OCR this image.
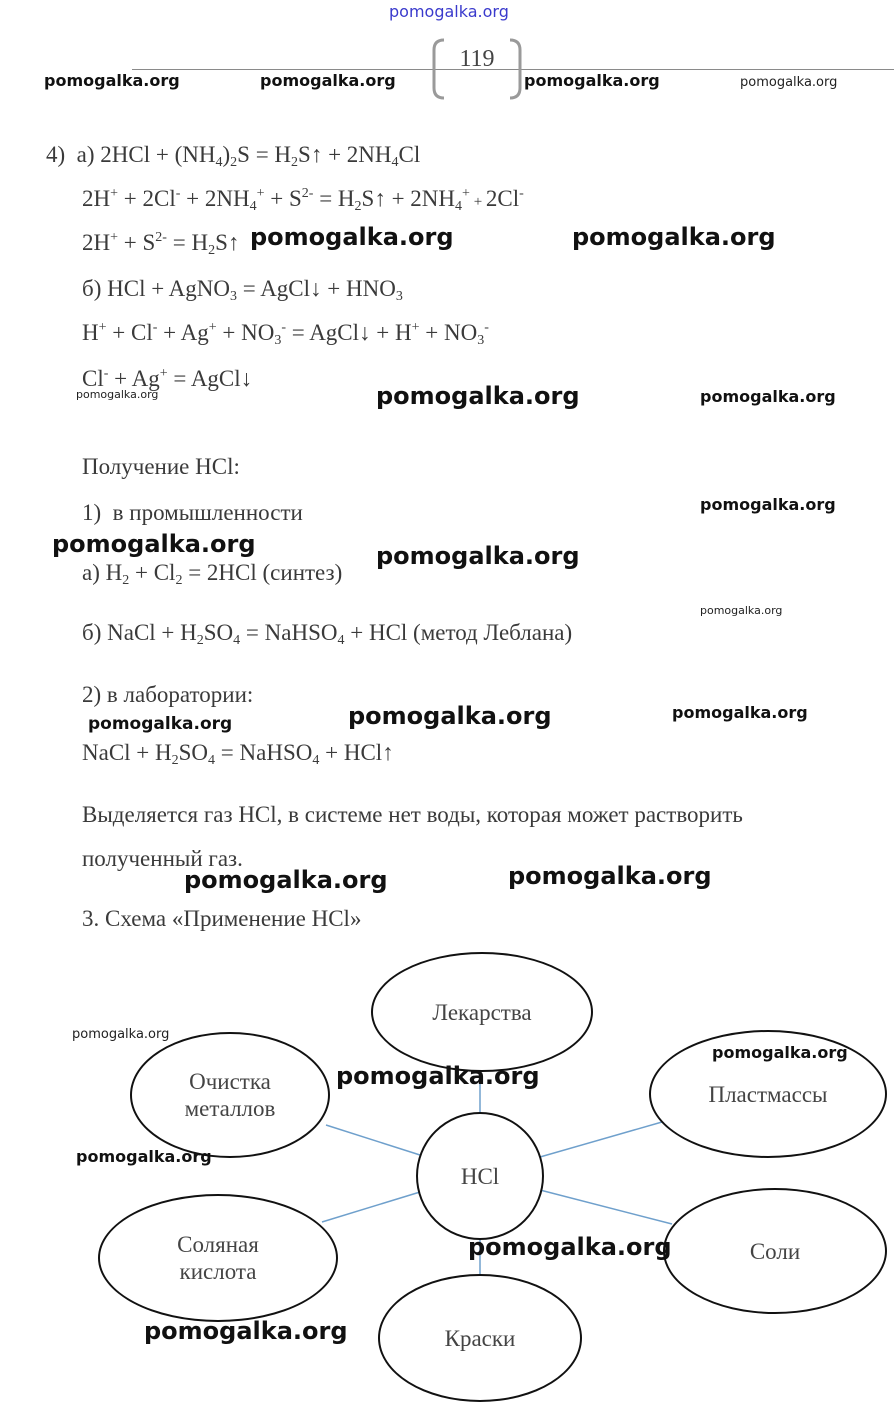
pomogalka.org
119
pomogalka.org	pomogalka.org	pomogalka.org	pomogalka.org
4) а) $2HCl + (NH_4)_2S$ = $H_2S↑ + 2NH_4Cl$
$2H^+ + 2Cl^- + 2NH_4^+ + S^{2-}$ = $H_2S↑ + 2NH_4^+ + 2Cl^-$
$2H^+ + S^{2-}$ = $H_2S↑$ pomogalka.org	pomogalka.org
б) HCl + AgNO$_3$ = AgCl↓ + $HNO_3$
$H^+ + Cl^- + Ag^+ + NO_3^-$ = AgCl↓ + $H^+ + NO_3^-$
Cl- + Ag+ = AgCl↓
pomogalka.org	pomogalka.org	pomogalka.org
Получение HCl:
1) в промышленности	pomogalka.org
pomogalka.org	pomogalka.org
а) $H_2 + Cl_2 = 2HCl$ (синтез)
pomogalka.org
б) NaCl + $H_2SO_4$ = NaHSO$_4$ + HCl (метод Леблана)
2) в лаборатории:
pomogalka.org	pomogalka.org	pomogalka.org
NaCl + $H_2SO_4$ = NaHSO$_4$ + HCl↑
Выделяется газ HCl, в системе нет воды, которая может растворить
полученный газ.
pomogalka.org	pomogalka.org
3. Схема «Применение HCl»
Лекарства
Очистка
металлов
Пластмассы
HCl
Соляная
кислота
Соли
Краски
pomogalka.org
pomogalka.org
pomogalka.org
pomogalka.org
pomogalka.org
pomogalka.org
